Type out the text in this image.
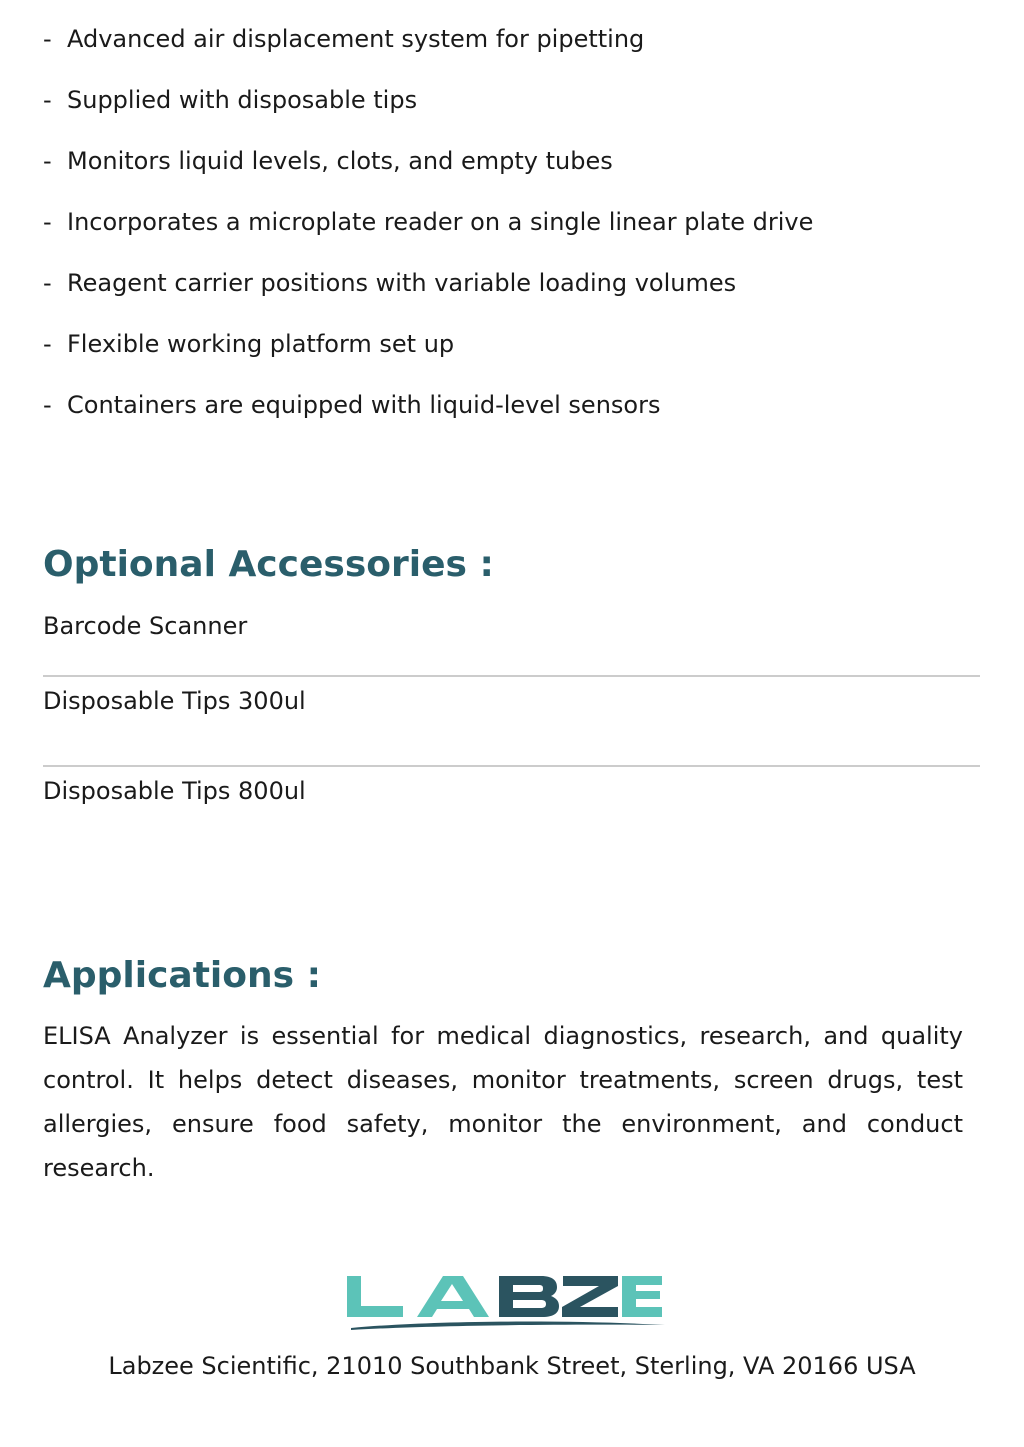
- Advanced air displacement system for pipetting
- Supplied with disposable tips
- Monitors liquid levels, clots, and empty tubes
- Incorporates a microplate reader on a single linear plate drive
- Reagent carrier positions with variable loading volumes
- Flexible working platform set up
- Containers are equipped with liquid-level sensors
Optional Accessories :
Barcode Scanner
Disposable Tips 300ul
Disposable Tips 800ul
Applications :

ELISA Analyzer is essential for medical diagnostics, research, and quality control. It helps detect diseases, monitor treatments, screen drugs, test allergies, ensure food safety, monitor the environment, and conduct research.

Labzee Scientific, 21010 Southbank Street, Sterling, VA 20166 USA
